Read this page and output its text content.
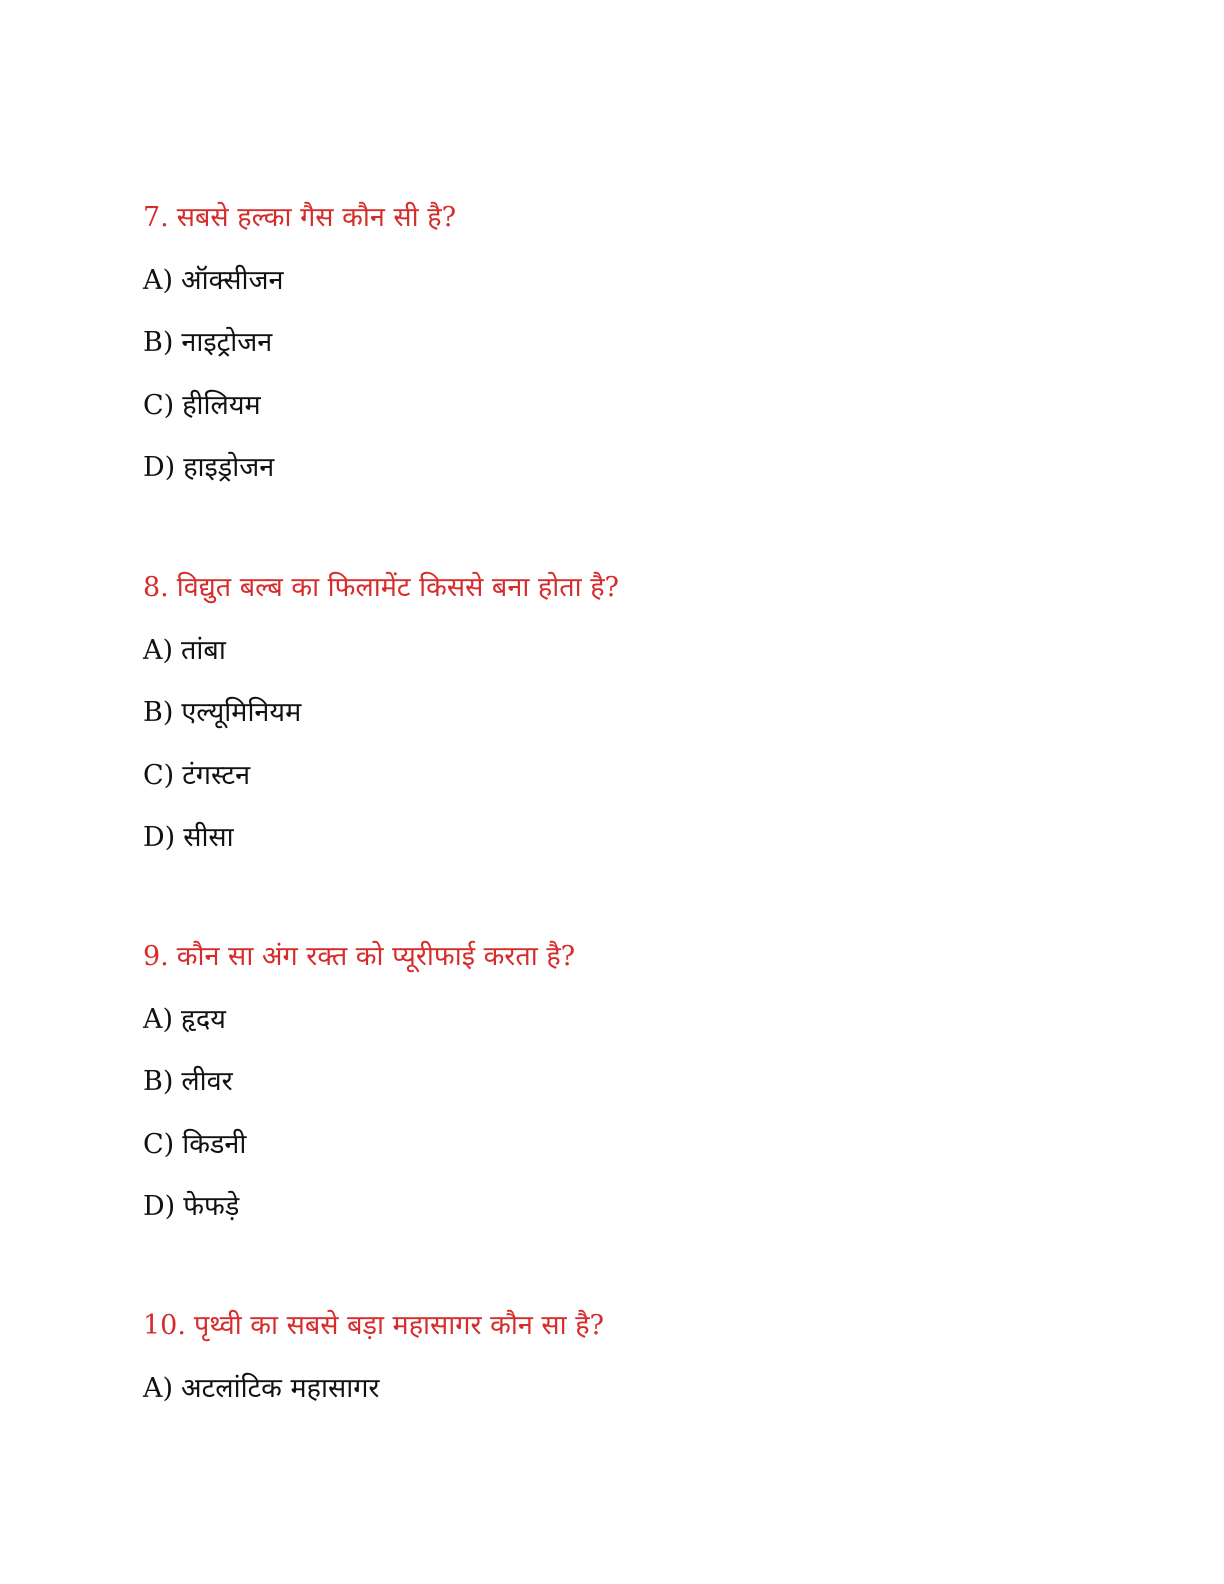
7. सबसे हल्का गैस कौन सी है?
A) ऑक्सीजन
B) नाइट्रोजन
C) हीलियम
D) हाइड्रोजन
8. विद्युत बल्ब का फिलामेंट किससे बना होता है?
A) तांबा
B) एल्यूमिनियम
C) टंगस्टन
D) सीसा
9. कौन सा अंग रक्त को प्यूरीफाई करता है?
A) हृदय
B) लीवर
C) किडनी
D) फेफड़े
10. पृथ्वी का सबसे बड़ा महासागर कौन सा है?
A) अटलांटिक महासागर
